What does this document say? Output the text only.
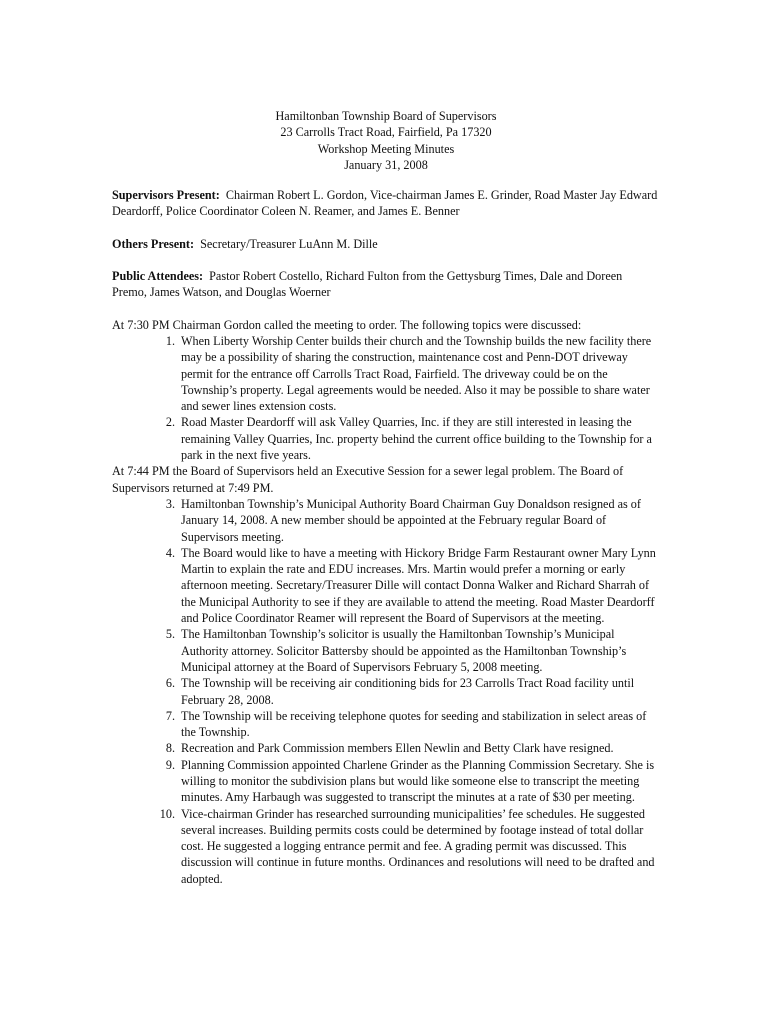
Hamiltonban Township Board of Supervisors
23 Carrolls Tract Road, Fairfield, Pa 17320
Workshop Meeting Minutes
January 31, 2008

Supervisors Present: Chairman Robert L. Gordon, Vice-chairman James E. Grinder, Road Master Jay Edward Deardorff, Police Coordinator Coleen N. Reamer, and James E. Benner

Others Present: Secretary/Treasurer LuAnn M. Dille

Public Attendees: Pastor Robert Costello, Richard Fulton from the Gettysburg Times, Dale and Doreen Premo, James Watson, and Douglas Woerner

At 7:30 PM Chairman Gordon called the meeting to order. The following topics were discussed:

1. When Liberty Worship Center builds their church and the Township builds the new facility there may be a possibility of sharing the construction, maintenance cost and Penn-DOT driveway permit for the entrance off Carrolls Tract Road, Fairfield. The driveway could be on the Township’s property. Legal agreements would be needed. Also it may be possible to share water and sewer lines extension costs.
2. Road Master Deardorff will ask Valley Quarries, Inc. if they are still interested in leasing the remaining Valley Quarries, Inc. property behind the current office building to the Township for a park in the next five years.

At 7:44 PM the Board of Supervisors held an Executive Session for a sewer legal problem. The Board of Supervisors returned at 7:49 PM.

3. Hamiltonban Township’s Municipal Authority Board Chairman Guy Donaldson resigned as of January 14, 2008. A new member should be appointed at the February regular Board of Supervisors meeting.
4. The Board would like to have a meeting with Hickory Bridge Farm Restaurant owner Mary Lynn Martin to explain the rate and EDU increases. Mrs. Martin would prefer a morning or early afternoon meeting. Secretary/Treasurer Dille will contact Donna Walker and Richard Sharrah of the Municipal Authority to see if they are available to attend the meeting. Road Master Deardorff and Police Coordinator Reamer will represent the Board of Supervisors at the meeting.
5. The Hamiltonban Township’s solicitor is usually the Hamiltonban Township’s Municipal Authority attorney. Solicitor Battersby should be appointed as the Hamiltonban Township’s Municipal attorney at the Board of Supervisors February 5, 2008 meeting.
6. The Township will be receiving air conditioning bids for 23 Carrolls Tract Road facility until February 28, 2008.
7. The Township will be receiving telephone quotes for seeding and stabilization in select areas of the Township.
8. Recreation and Park Commission members Ellen Newlin and Betty Clark have resigned.
9. Planning Commission appointed Charlene Grinder as the Planning Commission Secretary. She is willing to monitor the subdivision plans but would like someone else to transcript the meeting minutes. Amy Harbaugh was suggested to transcript the minutes at a rate of $30 per meeting.
10. Vice-chairman Grinder has researched surrounding municipalities’ fee schedules. He suggested several increases. Building permits costs could be determined by footage instead of total dollar cost. He suggested a logging entrance permit and fee. A grading permit was discussed. This discussion will continue in future months. Ordinances and resolutions will need to be drafted and adopted.
